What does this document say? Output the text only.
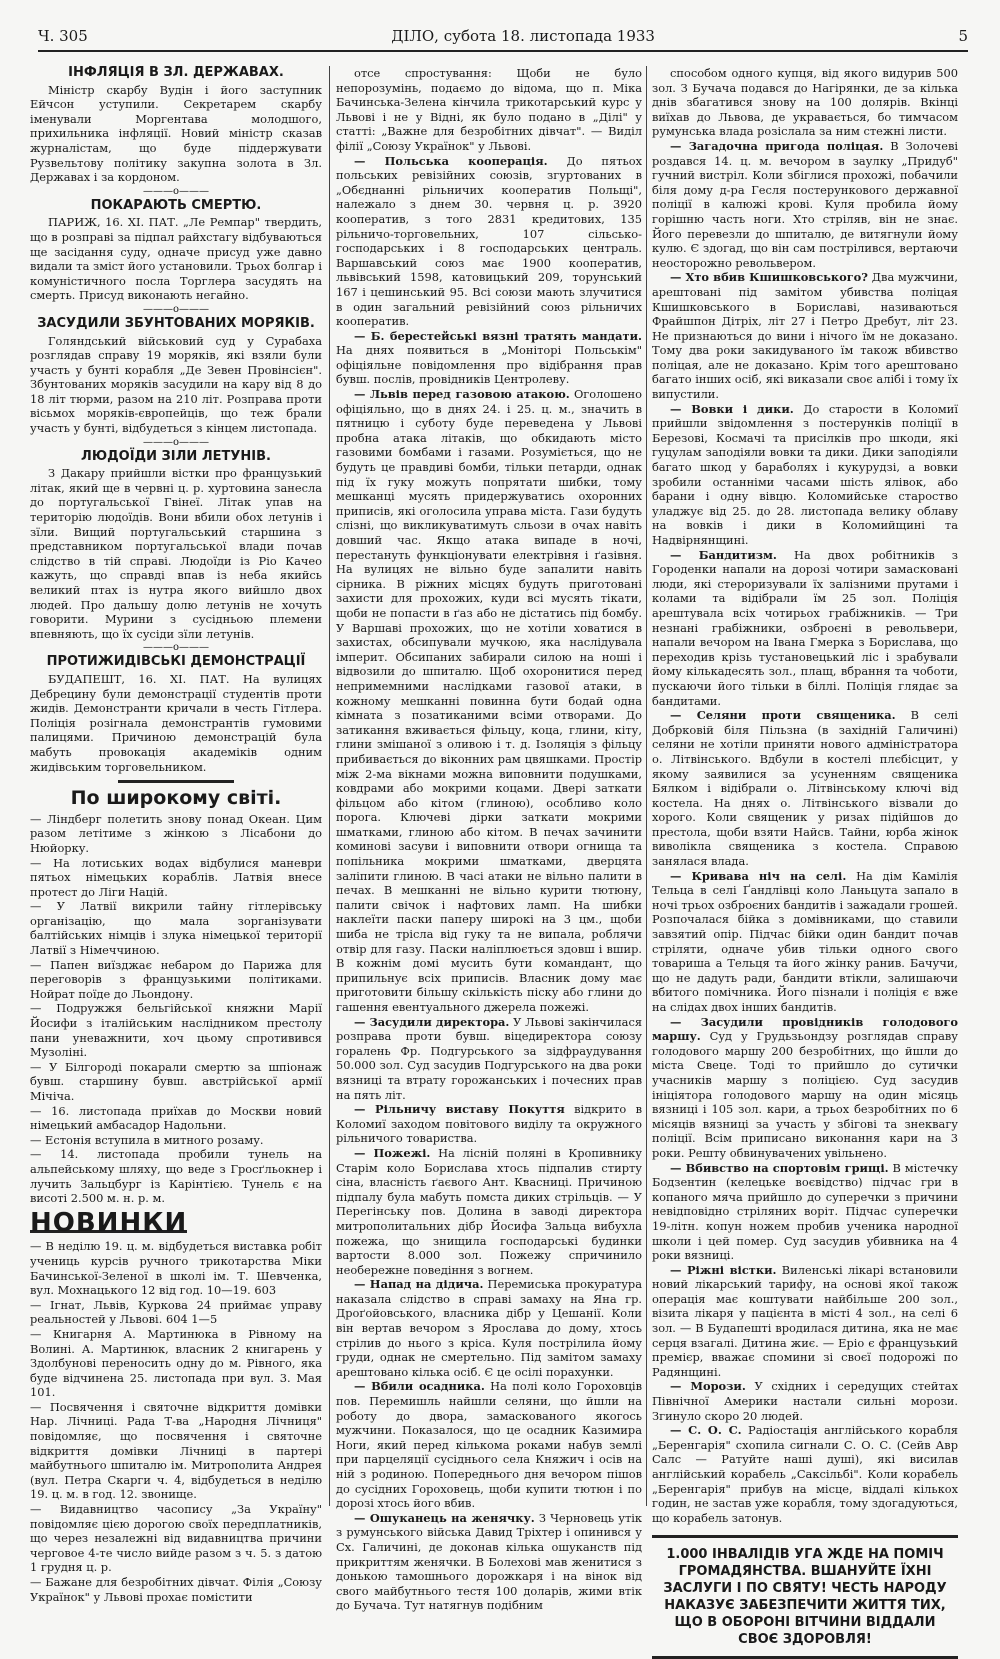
Ч. 305	ДІЛО, субота 18. листопада 1933	5
ІНФЛЯЦІЯ В ЗЛ. ДЕРЖАВАХ.

Міністр скарбу Вудін і його заступник Ейчсон уступили. Секретарем скарбу іменували Моргентава молодшого, прихильника інфляції. Новий міністр сказав журналістам, що буде піддержувати Рузвельтову політику закупна золота в Зл. Державах і за кордоном.

———o———
ПОКАРАЮТЬ СМЕРТЮ.

ПАРИЖ, 16. XI. ПАТ. „Ле Ремпар" твердить, що в розправі за підпал райхстагу відбуваються ще засідання суду, одначе присуд уже давно видали та зміст його установили. Трьох болгар і комуністичного посла Торглера засудять на смерть. Присуд виконають негайно.

———o———
ЗАСУДИЛИ ЗБУНТОВАНИХ МОРЯКІВ.

Голяндський військовий суд у Сурабаха розглядав справу 19 моряків, які взяли були участь у бунті корабля „Де Зевен Провінсієн". Збунтованих моряків засудили на кару від 8 до 18 літ тюрми, разом на 210 літ. Розправа проти вісьмох моряків-європейців, що теж брали участь у бунті, відбудеться з кінцем листопада.

———o———
ЛЮДОЇДИ ЗІЛИ ЛЕТУНІВ.

З Дакару прийшли вістки про французький літак, який ще в червні ц. р. хуртовина занесла до португальської Гвінеї. Літак упав на територію людоїдів. Вони вбили обох летунів і зїли. Вищий португальський старшина з представником португальської влади почав слідство в тій справі. Людоїди із Ріо Качео кажуть, що справді впав із неба якийсь великий птах із нутра якого вийшло двох людей. Про дальшу долю летунів не хочуть говорити. Мурини з сусідньою племени впевняють, що їх сусіди зїли летунів.

———o———
ПРОТИЖИДІВСЬКІ ДЕМОНСТРАЦІЇ

БУДАПЕШТ, 16. XI. ПАТ. На вулицях Дебрецину були демонстрації студентів проти жидів. Демонстранти кричали в честь Гітлера. Поліція розігнала демонстрантів гумовими палицями. Причиною демонстрацій була мабуть провокація академіків одним жидівським торговельником.

По широкому світі.

— Ліндберг полетить знову понад Океан. Цим разом летітиме з жінкою з Лісабони до Нюйорку.

— На лотиських водах відбулися маневри пятьох німецьких кораблів. Латвія внесе протест до Ліги Націй.

— У Латвії викрили тайну гітлерівську організацію, що мала зорганізувати балтійських німців і злука німецької території Латвії з Німеччиною.

— Папен виїзджає небаром до Парижа для переговорів з французькими політиками. Нойрат поїде до Льондону.

— Подружжя бельгійської княжни Марії Йосифи з італійським наслідником престолу пани уневажнити, хоч цьому спротивився Музоліні.

— У Білгороді покарали смертю за шпіонаж бувш. старшину бувш. австрійської армії Мічіча.

— 16. листопада приїхав до Москви новий німецький амбасадор Надольни.

— Естонія вступила в митного розаму.

— 14. листопада пробили тунель на альпейському шляху, що веде з Гросґльокнер і лучить Зальцбург із Карінтією. Тунель є на висоті 2.500 м. н. р. м.

НОВИНКИ

— В неділю 19. ц. м. відбудеться виставка робіт учениць курсів ручного трикотарства Міки Бачинської-Зеленої в школі ім. Т. Шевченка, вул. Мохнацького 12 від год. 10—19. 603

— Ігнат, Львів, Куркова 24 приймає управу реальностей у Львові. 604 1—5

— Книгарня А. Мартинюка в Рівному на Волині. А. Мартинюк, власник 2 книгарень у Здолбунові переносить одну до м. Рівного, яка буде відчинена 25. листопада при вул. 3. Мая 101.

— Посвячення і святочне відкриття домівки Нар. Лічниці. Рада Т-ва „Народня Лічниця" повідомляє, що посвячення і святочне відкриття домівки Лічниці в партері майбутнього шпиталю ім. Митрополита Андрея (вул. Петра Скарги ч. 4, відбудеться в неділю 19. ц. м. в год. 12. звонище.

— Видавництво часопису „За Україну" повідомляє цією дорогою своїх передплатників, що через незалежні від видавництва причини черговое 4-те число вийде разом з ч. 5. з датою 1 грудня ц. р.

— Бажане для безробітних дівчат. Філія „Союзу Українок" у Львові прохає помістити

отсе спростування: Щоби не було непорозумінь, подаємо до відома, що п. Міка Бачинська-Зелена кінчила трикотарський курс у Львові і не у Відні, як було подано в „Ділі" у статті: „Важне для безробітних дівчат". — Виділ філії „Союзу Українок" у Львові.

— Польська кооперація. До пятьох польських ревізійних союзів, згуртованих в „Обєднанні рільничих кооператив Польщі", належало з днем 30. червня ц. р. 3920 кооператив, з того 2831 кредитових, 135 рільничо-торговельних, 107 сільсько-господарських і 8 господарських централь. Варшавський союз має 1900 кооператив, львівський 1598, катовицький 209, торунський 167 і цешинський 95. Всі союзи мають злучитися в один загальний ревізійний союз рільничих кооператив.

— Б. берестейські вязні тратять мандати. На днях появиться в „Моніторі Польськім" офіціяльне повідомлення про відібрання прав бувш. послів, провідників Центролеву.

— Львів перед газовою атакою. Оголошено офіціяльно, що в днях 24. і 25. ц. м., значить в пятницю і суботу буде переведена у Львові пробна атака літаків, що обкидають місто газовими бомбами і газами. Розуміється, що не будуть це правдиві бомби, тільки петарди, однак під їх гуку можуть попрятати шибки, тому мешканці мусять придержуватись охоронних приписів, які оголосила управа міста. Гази будуть слізні, що викликуватимуть сльози в очах навіть довший час. Якщо атака випаде в ночі, перестануть функціонувати електрівня і ґазівня. На вулицях не вільно буде запалити навіть сірника. В ріжних місцях будуть приготовані захисти для прохожих, куди всі мусять тікати, щоби не попасти в ґаз або не дістатись під бомбу. У Варшаві прохожих, що не хотіли ховатися в захистах, обсипували мучкою, яка наслідувала імперит. Обсипаних забирали силою на ноші і відвозили до шпиталю. Щоб охоронитися перед непримемними наслідками газової атаки, в кожному мешканні повинна бути бодай одна кімната з позатиканими всіми отворами. До затикання вживається фільцу, коца, глини, кіту, глини змішаної з оливою і т. д. Ізоляція з фільцу прибивається до віконних рам цвяшками. Простір між 2-ма вікнами можна виповнити подушками, ковдрами або мокрими коцами. Двері заткати фільцом або кітом (глиною), особливо коло порога. Ключеві дірки заткати мокрими шматками, глиною або кітом. В печах зачинити коминові засуви і виповнити отвори огнища та попільника мокрими шматками, дверцята заліпити глиною. В часі атаки не вільно палити в печах. В мешканні не вільно курити тютюну, палити свічок і нафтових ламп. На шибки наклеїти паски паперу широкі на 3 цм., щоби шиба не трісла від гуку та не випала, роблячи отвір для газу. Паски наліплюється здовш і вшир. В кожнім домі мусить бути командант, що припильнує всіх приписів. Власник дому має приготовити більшу скількість піску або глини до гашення евентуального джерела пожежі.

— Засудили директора. У Львові закінчилася розправа проти бувш. віцедиректора союзу горалень Фр. Подгурського за зідфраудування 50.000 зол. Суд засудив Подгурського на два роки вязниці та втрату горожанських і почесних прав на пять літ.

— Рільничу виставу Покуття відкрито в Коломиї заходом повітового виділу та окружного рільничого товариства.

— Пожежі. На лісній поляні в Кропивнику Старім коло Борислава хтось підпалив стирту сіна, власність ґаєвого Ант. Квасниці. Причиною підпалу була мабуть помста диких стрільців. — У Перегінську пов. Долина в заводі директора митрополитальних дібр Йосифа Зальца вибухла пожежа, що знищила господарські будинки вартости 8.000 зол. Пожежу спричинило необережне поведіння з вогнем.

— Напад на дідича. Перемиська прокуратура наказала слідство в справі замаху на Яна гр. Дроґойовського, власника дібр у Цешанії. Коли він вертав вечором з Ярослава до дому, хтось стрілив до нього з кріса. Куля пострілила йому груди, однак не смертельно. Під замітом замаху арештовано кілька осіб. Є це осілі порахунки.

— Вбили осадника. На полі коло Гороховців пов. Перемишль найшли селяни, що йшли на роботу до двора, замаскованого якогось мужчини. Показалося, що це осадник Казимира Ноги, який перед кількома роками набув землі при парцеляції сусіднього села Княжич і осів на ній з родиною. Попереднього дня вечором пішов до сусідних Гороховець, щоби купити тютюн і по дорозі хтось його вбив.

— Ошуканець на женячку. З Черновець утік з румунського війська Давид Тріхтер і опинився у Сх. Галичині, де доконав кілька ошуканств під прикриттям женячки. В Болехові мав женитися з донькою тамошнього дорожкаря і на вінок від свого майбутнього тестя 100 доларів, жими втік до Бучача. Тут натягнув подібним

способом одного купця, від якого видурив 500 зол. З Бучача подався до Нагірянки, де за кілька днів збагатився знову на 100 долярів. Вкінці виїхав до Львова, де укравається, бо тимчасом румунська влада розіслала за ним стежні листи.

— Загадочна пригода поліцая. В Золочеві роздався 14. ц. м. вечором в заулку „Придуб" гучний вистріл. Коли збіглися прохожі, побачили біля дому д-ра Гесля постерункового державної поліції в калюжі крові. Куля пробила йому горішню часть ноги. Хто стріляв, він не знає. Його перевезли до шпиталю, де витягнули йому кулю. Є здогад, що він сам пострілився, вертаючи неосторожно револьвером.

— Хто вбив Кшишковського? Два мужчини, арештовані під замітом убивства поліцая Кшишковського в Бориславі, називаються Фрайшпон Дітріх, літ 27 і Петро Дребут, літ 23. Не признаються до вини і нічого їм не доказано. Тому два роки закидуваного їм також вбивство поліцая, але не доказано. Крім того арештовано багато інших осіб, які виказали своє алібі і тому їх випустили.

— Вовки і дики. До старости в Коломиї прийшли звідомлення з постерунків поліції в Березові, Космачі та присілків про шкоди, які гуцулам заподіяли вовки та дики. Дики заподіяли багато шкод у бараболях і кукурудзі, а вовки зробили останніми часами шість ялівок, або барани і одну вівцю. Коломийське староство уладжує від 25. до 28. листопада велику облаву на вовків і дики в Коломийщині та Надвірнянщині.

— Бандитизм. На двох робітників з Городенки напали на дорозі чотири замасковані люди, які стероризували їх залізними прутами і колами та відібрали їм 25 зол. Поліція арештувала всіх чотирьох грабіжників. — Три незнані грабіжники, озброєні в револьвери, напали вечором на Івана Гмерка з Борислава, що переходив крізь тустановецький ліс і зрабували йому кількадесять зол., плащ, вбрання та чоботи, пускаючи його тільки в біллі. Поліція глядає за бандитами.

— Селяни проти священика. В селі Добрковій біля Пільзна (в західній Галичині) селяни не хотіли приняти нового адміністратора о. Літвінського. Вдбули в костелі плєбісцит, у якому заявилися за усуненням священика Бялком і відібрали о. Літвінському ключі від костела. На днях о. Літвінського візвали до хорого. Коли священик у ризах підійшов до престола, щоби взяти Найсв. Тайни, юрба жінок виволікла священика з костела. Справою занялася влада.

— Кривава ніч на селі. На дім Камілія Тельца в селі Ґандлівці коло Ланьцута запало в ночі трьох озброєних бандитів і зажадали грошей. Розпочалася бійка з домівниками, що ставили завзятий опір. Підчас бійки один бандит почав стріляти, одначе убив тільки одного свого товариша а Тельця та його жінку ранив. Бачучи, що не дадуть ради, бандити втікли, залишаючи вбитого помічника. Його пізнали і поліція є вже на слідах двох інших бандитів.

— Засудили провідників голодового маршу. Суд у Грудьзьондзу розглядав справу голодового маршу 200 безробітних, що йшли до міста Свеце. Тоді то прийшло до сутички учасників маршу з поліцією. Суд засудив ініціятора голодового маршу на один місяць вязниці і 105 зол. кари, а трьох безробітних по 6 місяців вязниці за участь у збігові та знеквагу поліції. Всім приписано виконання кари на 3 роки. Решту обвинувачених увільнено.

— Вбивство на спортовім грищі. В містечку Бодзентин (келецьке воєвідство) підчас гри в копаного мяча прийшло до суперечки з причини невідповідно стріляних воріт. Підчас суперечки 19-літн. копун ножем пробив ученика народної школи і цей помер. Суд засудив убивника на 4 роки вязниці.

— Ріжні вістки. Виленські лікарі встановили новий лікарський тарифу, на основі якої також операція має коштувати найбільше 200 зол., візита лікаря у пацієнта в місті 4 зол., на селі 6 зол. — В Будапешті вродилася дитина, яка не має серця взагалі. Дитина жиє. — Еріо є французький премієр, вважає спомини зі своєї подорожі по Радянщині.

— Морози. У східних і середущих стейтах Північної Америки настали сильні морози. Згинуло скоро 20 людей.

— С. О. С. Радіостація англійського корабля „Беренгарія" схопила сигнали С. О. С. (Сейв Авр Салс — Ратуйте наші душі), які висилав англійський корабель „Саксільбі". Коли корабель „Беренгарія" прибув на місце, віддалі кількох годин, не застав уже корабля, тому здогадуються, що корабель затонув.

1.000 ІНВАЛІДІВ УГА ЖДЕ НА ПОМІЧ ГРОМАДЯНСТВА. ВШАНУЙТЕ ЇХНІ ЗАСЛУГИ І ПО СВЯТУ! ЧЕСТЬ НАРОДУ НАКАЗУЄ ЗАБЕЗПЕЧИТИ ЖИТТЯ ТИХ, ЩО В ОБОРОНІ ВІТЧИНИ ВІДДАЛИ СВОЄ ЗДОРОВЛЯ!
